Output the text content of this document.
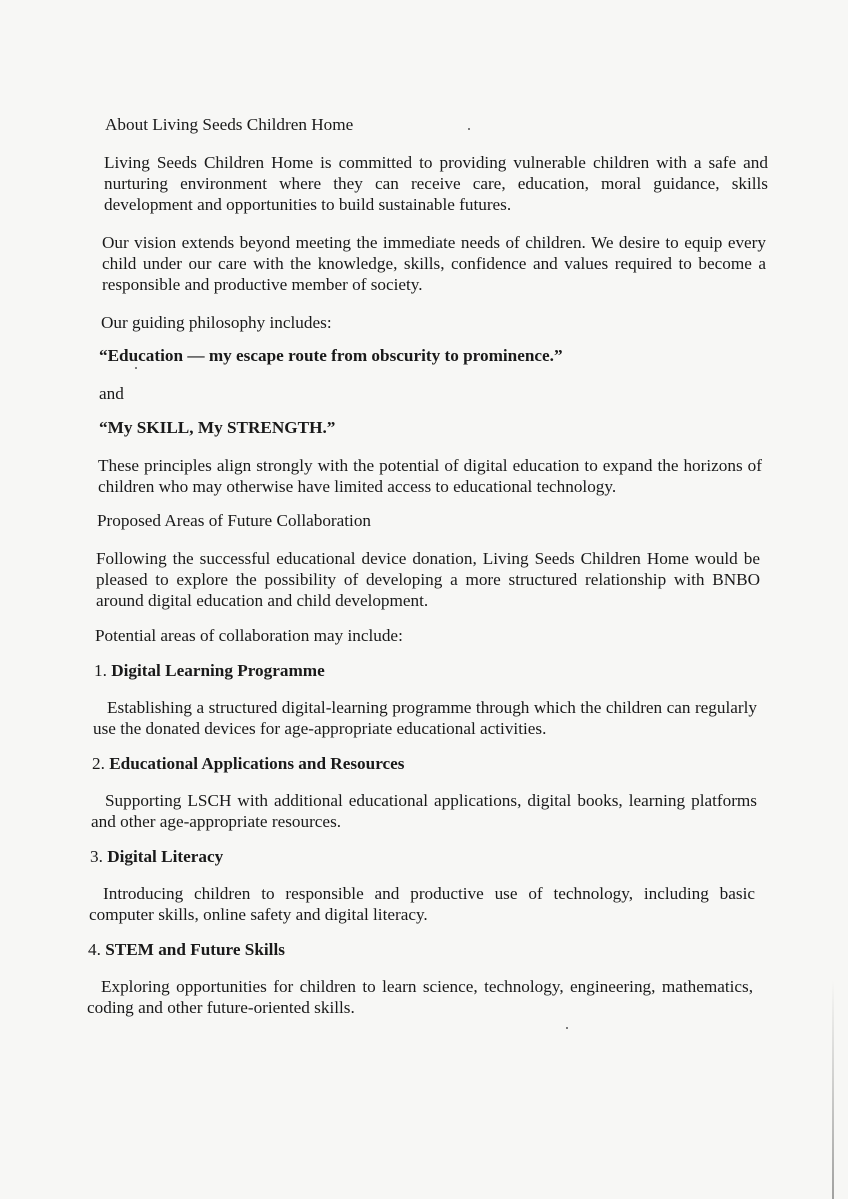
About Living Seeds Children Home

Living Seeds Children Home is committed to providing vulnerable children with a safe and nurturing environment where they can receive care, education, moral guidance, skills development and opportunities to build sustainable futures.

Our vision extends beyond meeting the immediate needs of children. We desire to equip every child under our care with the knowledge, skills, confidence and values required to become a responsible and productive member of society.

Our guiding philosophy includes:
“Education — my escape route from obscurity to prominence.”
and
“My SKILL, My STRENGTH.”

These principles align strongly with the potential of digital education to expand the horizons of children who may otherwise have limited access to educational technology.

Proposed Areas of Future Collaboration

Following the successful educational device donation, Living Seeds Children Home would be pleased to explore the possibility of developing a more structured relationship with BNBO around digital education and child development.

Potential areas of collaboration may include:
1. Digital Learning Programme

Establishing a structured digital-learning programme through which the children can regularly use the donated devices for age-appropriate educational activities.

2. Educational Applications and Resources

Supporting LSCH with additional educational applications, digital books, learning platforms and other age-appropriate resources.

3. Digital Literacy

Introducing children to responsible and productive use of technology, including basic computer skills, online safety and digital literacy.

4. STEM and Future Skills

Exploring opportunities for children to learn science, technology, engineering, mathematics, coding and other future-oriented skills.
